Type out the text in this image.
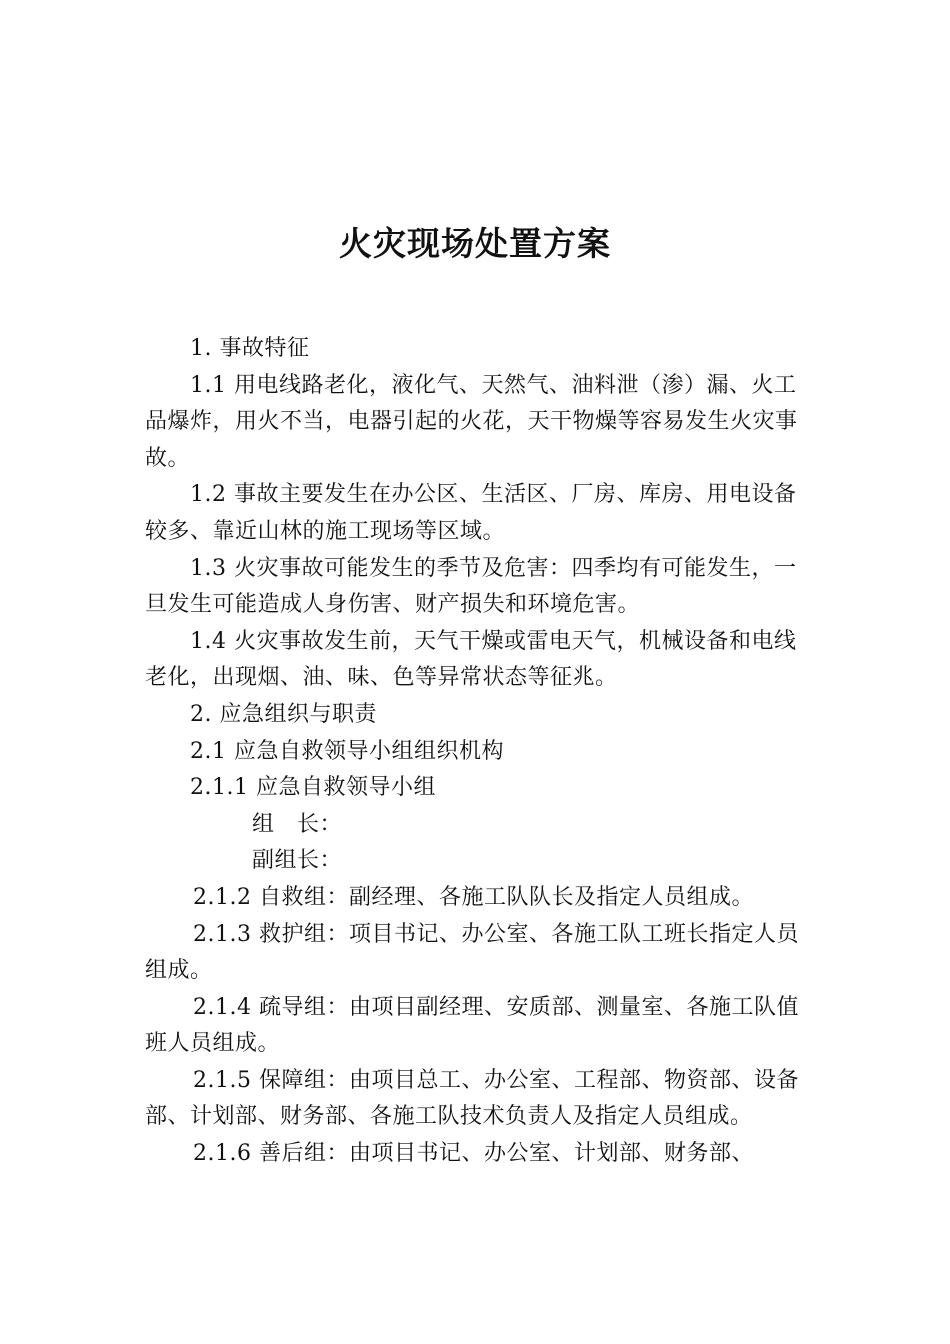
火灾现场处置方案

1. 事故特征

1.1 用电线路老化，液化气、天然气、油料泄（渗）漏、火工品爆炸，用火不当，电器引起的火花，天干物燥等容易发生火灾事故。

1.2 事故主要发生在办公区、生活区、厂房、库房、用电设备较多、靠近山林的施工现场等区域。

1.3 火灾事故可能发生的季节及危害：四季均有可能发生，一旦发生可能造成人身伤害、财产损失和环境危害。

1.4 火灾事故发生前，天气干燥或雷电天气，机械设备和电线老化，出现烟、油、味、色等异常状态等征兆。

2. 应急组织与职责

2.1 应急自救领导小组组织机构

2.1.1 应急自救领导小组

组　长：

副组长：

2.1.2 自救组：副经理、各施工队队长及指定人员组成。

2.1.3 救护组：项目书记、办公室、各施工队工班长指定人员组成。

2.1.4 疏导组：由项目副经理、安质部、测量室、各施工队值班人员组成。

2.1.5 保障组：由项目总工、办公室、工程部、物资部、设备部、计划部、财务部、各施工队技术负责人及指定人员组成。

2.1.6 善后组：由项目书记、办公室、计划部、财务部、
